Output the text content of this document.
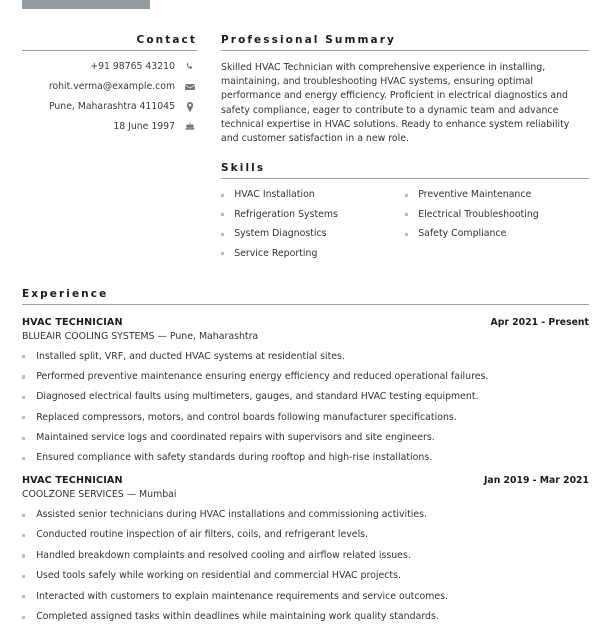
Contact
+91 98765 43210
rohit.verma@example.com
Pune, Maharashtra 411045
18 June 1997
Professional Summary
Skilled HVAC Technician with comprehensive experience in installing, maintaining, and troubleshooting HVAC systems, ensuring optimal performance and energy efficiency. Proficient in electrical diagnostics and safety compliance, eager to contribute to a dynamic team and advance technical expertise in HVAC solutions. Ready to enhance system reliability and customer satisfaction in a new role.
Skills
HVAC Installation
Refrigeration Systems
System Diagnostics
Service Reporting
Preventive Maintenance
Electrical Troubleshooting
Safety Compliance
Experience
HVAC TECHNICIAN	Apr 2021 - Present
BLUEAIR COOLING SYSTEMS — Pune, Maharashtra
Installed split, VRF, and ducted HVAC systems at residential sites.
Performed preventive maintenance ensuring energy efficiency and reduced operational failures.
Diagnosed electrical faults using multimeters, gauges, and standard HVAC testing equipment.
Replaced compressors, motors, and control boards following manufacturer specifications.
Maintained service logs and coordinated repairs with supervisors and site engineers.
Ensured compliance with safety standards during rooftop and high-rise installations.
HVAC TECHNICIAN	Jan 2019 - Mar 2021
COOLZONE SERVICES — Mumbai
Assisted senior technicians during HVAC installations and commissioning activities.
Conducted routine inspection of air filters, coils, and refrigerant levels.
Handled breakdown complaints and resolved cooling and airflow related issues.
Used tools safely while working on residential and commercial HVAC projects.
Interacted with customers to explain maintenance requirements and service outcomes.
Completed assigned tasks within deadlines while maintaining work quality standards.
